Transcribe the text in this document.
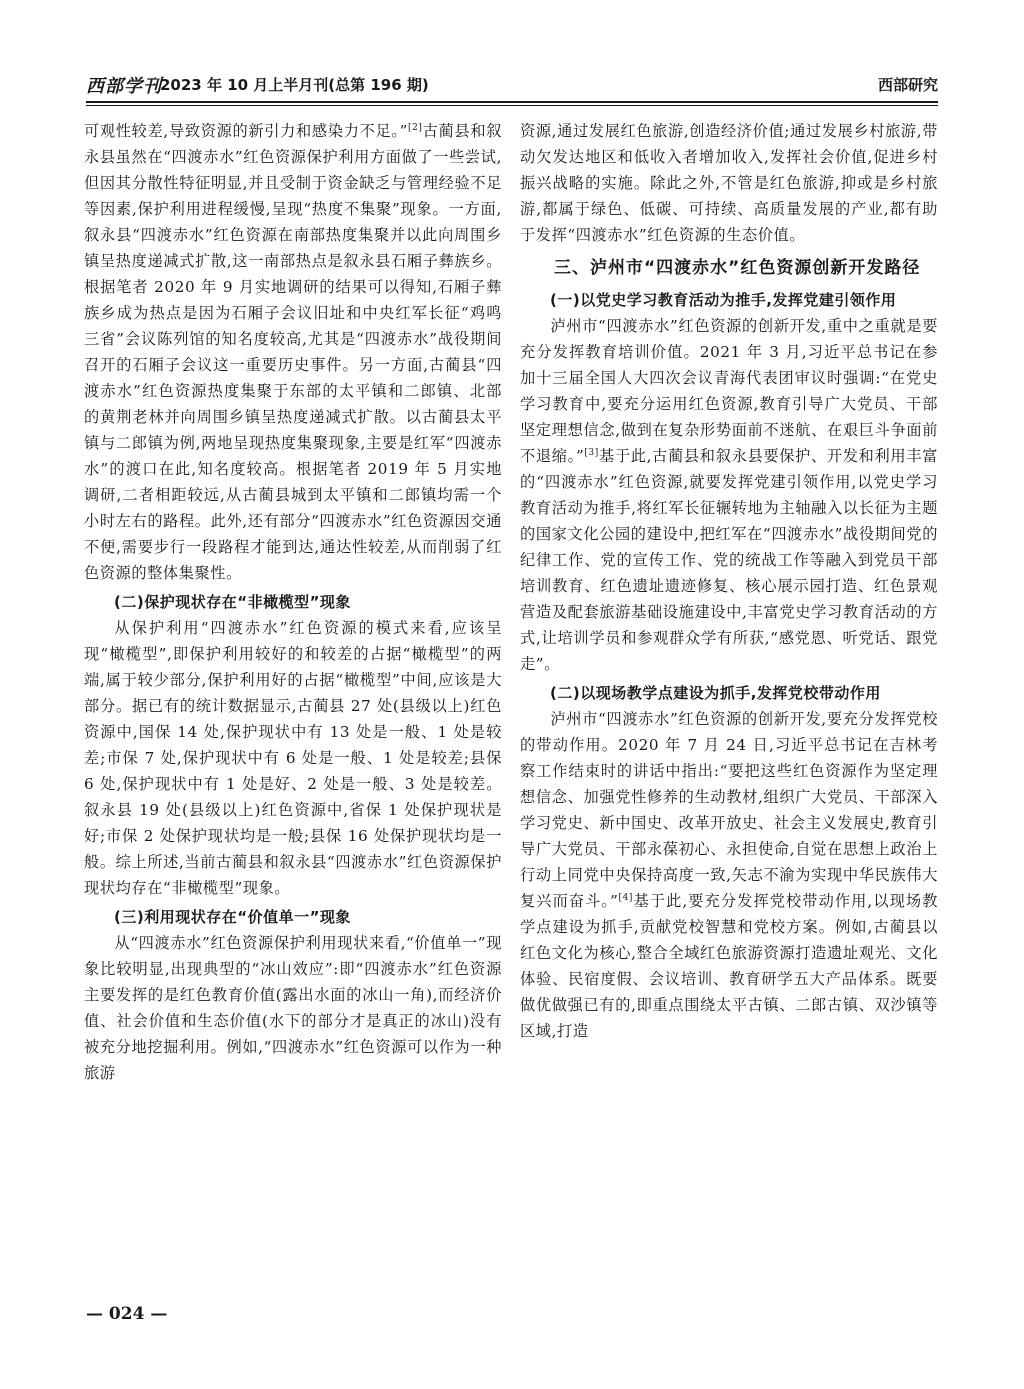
西部学刊
2023 年 10 月上半月刊(总第 196 期)	西部研究

可观性较差,导致资源的新引力和感染力不足。”[2]古蔺县和叙永县虽然在“四渡赤水”红色资源保护利用方面做了一些尝试,但因其分散性特征明显,并且受制于资金缺乏与管理经验不足等因素,保护利用进程缓慢,呈现“热度不集聚”现象。一方面,叙永县“四渡赤水”红色资源在南部热度集聚并以此向周围乡镇呈热度递减式扩散,这一南部热点是叙永县石厢子彝族乡。根据笔者 2020 年 9 月实地调研的结果可以得知,石厢子彝族乡成为热点是因为石厢子会议旧址和中央红军长征“鸡鸣三省”会议陈列馆的知名度较高,尤其是“四渡赤水”战役期间召开的石厢子会议这一重要历史事件。另一方面,古蔺县“四渡赤水”红色资源热度集聚于东部的太平镇和二郎镇、北部的黄荆老林并向周围乡镇呈热度递减式扩散。以古蔺县太平镇与二郎镇为例,两地呈现热度集聚现象,主要是红军“四渡赤水”的渡口在此,知名度较高。根据笔者 2019 年 5 月实地调研,二者相距较远,从古蔺县城到太平镇和二郎镇均需一个小时左右的路程。此外,还有部分“四渡赤水”红色资源因交通不便,需要步行一段路程才能到达,通达性较差,从而削弱了红色资源的整体集聚性。

(二)保护现状存在“非橄榄型”现象

从保护利用“四渡赤水”红色资源的模式来看,应该呈现“橄榄型”,即保护利用较好的和较差的占据“橄榄型”的两端,属于较少部分,保护利用好的占据“橄榄型”中间,应该是大部分。据已有的统计数据显示,古蔺县 27 处(县级以上)红色资源中,国保 14 处,保护现状中有 13 处是一般、1 处是较差;市保 7 处,保护现状中有 6 处是一般、1 处是较差;县保 6 处,保护现状中有 1 处是好、2 处是一般、3 处是较差。叙永县 19 处(县级以上)红色资源中,省保 1 处保护现状是好;市保 2 处保护现状均是一般;县保 16 处保护现状均是一般。综上所述,当前古蔺县和叙永县“四渡赤水”红色资源保护现状均存在“非橄榄型”现象。

(三)利用现状存在“价值单一”现象

从“四渡赤水”红色资源保护利用现状来看,“价值单一”现象比较明显,出现典型的“冰山效应”:即“四渡赤水”红色资源主要发挥的是红色教育价值(露出水面的冰山一角),而经济价值、社会价值和生态价值(水下的部分才是真正的冰山)没有被充分地挖掘利用。例如,“四渡赤水”红色资源可以作为一种旅游

资源,通过发展红色旅游,创造经济价值;通过发展乡村旅游,带动欠发达地区和低收入者增加收入,发挥社会价值,促进乡村振兴战略的实施。除此之外,不管是红色旅游,抑或是乡村旅游,都属于绿色、低碳、可持续、高质量发展的产业,都有助于发挥“四渡赤水”红色资源的生态价值。

三、泸州市“四渡赤水”红色资源创新开发路径
(一)以党史学习教育活动为推手,发挥党建引领作用

泸州市“四渡赤水”红色资源的创新开发,重中之重就是要充分发挥教育培训价值。2021 年 3 月,习近平总书记在参加十三届全国人大四次会议青海代表团审议时强调:“在党史学习教育中,要充分运用红色资源,教育引导广大党员、干部坚定理想信念,做到在复杂形势面前不迷航、在艰巨斗争面前不退缩。”[3]基于此,古蔺县和叙永县要保护、开发和利用丰富的“四渡赤水”红色资源,就要发挥党建引领作用,以党史学习教育活动为推手,将红军长征辗转地为主轴融入以长征为主题的国家文化公园的建设中,把红军在“四渡赤水”战役期间党的纪律工作、党的宣传工作、党的统战工作等融入到党员干部培训教育、红色遗址遗迹修复、核心展示园打造、红色景观营造及配套旅游基础设施建设中,丰富党史学习教育活动的方式,让培训学员和参观群众学有所获,“感党恩、听党话、跟党走”。

(二)以现场教学点建设为抓手,发挥党校带动作用

泸州市“四渡赤水”红色资源的创新开发,要充分发挥党校的带动作用。2020 年 7 月 24 日,习近平总书记在吉林考察工作结束时的讲话中指出:“要把这些红色资源作为坚定理想信念、加强党性修养的生动教材,组织广大党员、干部深入学习党史、新中国史、改革开放史、社会主义发展史,教育引导广大党员、干部永葆初心、永担使命,自觉在思想上政治上行动上同党中央保持高度一致,矢志不渝为实现中华民族伟大复兴而奋斗。”[4]基于此,要充分发挥党校带动作用,以现场教学点建设为抓手,贡献党校智慧和党校方案。例如,古蔺县以红色文化为核心,整合全域红色旅游资源打造遗址观光、文化体验、民宿度假、会议培训、教育研学五大产品体系。既要做优做强已有的,即重点围绕太平古镇、二郎古镇、双沙镇等区域,打造

— 024 —
